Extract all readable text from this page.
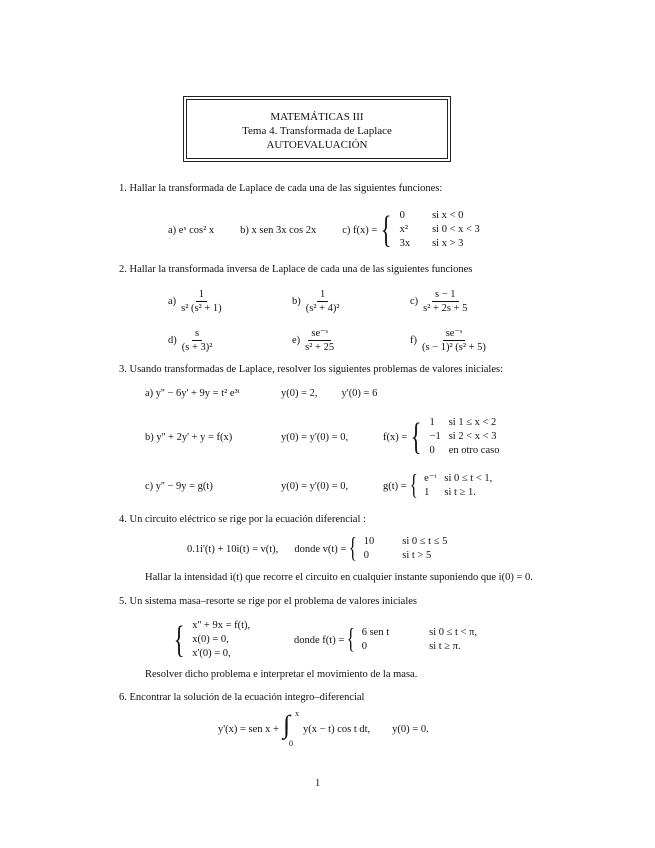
MATEMÁTICAS III
Tema 4. Transformada de Laplace
AUTOEVALUACIÓN
1. Hallar la transformada de Laplace de cada una de las siguientes funciones:
a) eˣ cos² x b) x sen 3x cos 2x c) f(x) = { 0	si x < 0
x² si 0 < x < 3
3x si x > 3
2. Hallar la transformada inversa de Laplace de cada una de las siguientes funciones
$a) \frac{1}{\text{s² (s² + 1)}}$	$b) \frac{1}{\text{(s² + 4)²}}$	$c) \frac{s - 1}{\text{s² + 2s + 5}}$
$d) \frac{s}{\text{(s + 3)²}}$	$e) \frac{\text{se⁻ˢ}}{\text{s² + 25}}$	$f) \frac{\text{se⁻ˢ}}{\text{(s − 1)² (s² + 5)}}$
3. Usando transformadas de Laplace, resolver los siguientes problemas de valores iniciales:
a) y'' − 6y' + 9y = t² e³ᵗ	y(0) = 2, y'(0) = 6
b) y'' + 2y' + y = f(x)	y(0) = y'(0) = 0,	f(x) = { 1	si 1 ≤ x < 2
−1 si 2 < x < 3
0	en otro caso
c) y'' − 9y = g(t)	y(0) = y'(0) = 0,	g(t) = { e⁻ᵗ si 0 ≤ t < 1,
1	si t ≥ 1.
4. Un circuito eléctrico se rige por la ecuación diferencial :
0.1i'(t) + 10i(t) = v(t), donde v(t) = { 10	si 0 ≤ t ≤ 5
0	si t > 5
Hallar la intensidad i(t) que recorre el circuito en cualquier instante suponiendo que i(0) = 0.
5. Un sistema masa–resorte se rige por el problema de valores iniciales
{ x'' + 9x = f(t),
x(0) = 0,
x'(0) = 0,
donde f(t) = { 6 sen t	si 0 ≤ t < π,
0	si t ≥ π.
Resolver dicho problema e interpretar el movimiento de la masa.
6. Encontrar la solución de la ecuación integro–diferencial
y'(x) = sen x + ∫ x
0
y(x − t) cos t dt, y(0) = 0.
1
